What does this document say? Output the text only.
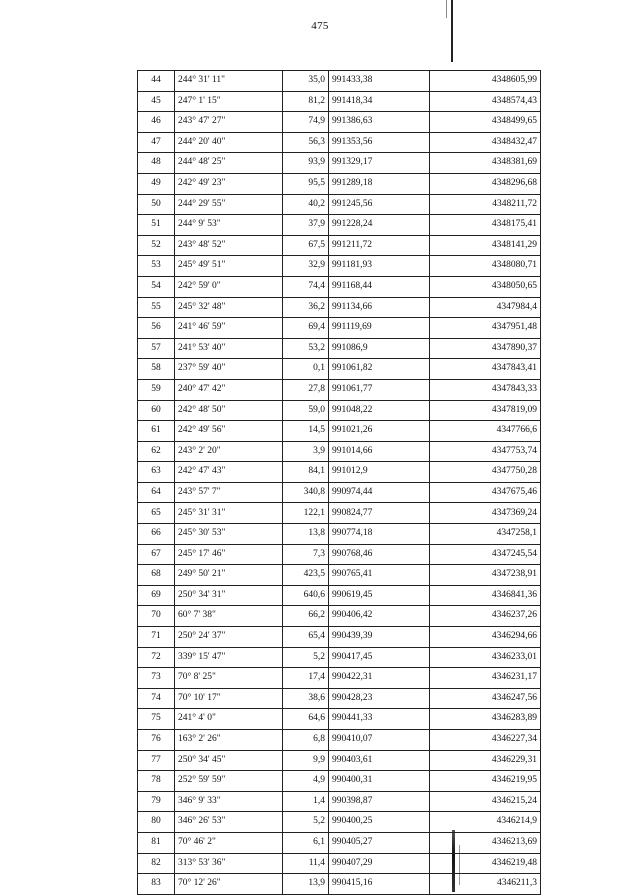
475
44	244° 31' 11"	35,0	991433,38	4348605,99
45	247° 1' 15"	81,2	991418,34	4348574,43
46	243° 47' 27"	74,9	991386,63	4348499,65
47	244° 20' 40"	56,3	991353,56	4348432,47
48	244° 48' 25"	93,9	991329,17	4348381,69
49	242° 49' 23"	95,5	991289,18	4348296,68
50	244° 29' 55"	40,2	991245,56	4348211,72
51	244° 9' 53"	37,9	991228,24	4348175,41
52	243° 48' 52"	67,5	991211,72	4348141,29
53	245° 49' 51"	32,9	991181,93	4348080,71
54	242° 59' 0"	74,4	991168,44	4348050,65
55	245° 32' 48"	36,2	991134,66	4347984,4
56	241° 46' 59"	69,4	991119,69	4347951,48
57	241° 53' 40"	53,2	991086,9	4347890,37
58	237° 59' 40"	0,1	991061,82	4347843,41
59	240° 47' 42"	27,8	991061,77	4347843,33
60	242° 48' 50"	59,0	991048,22	4347819,09
61	242° 49' 56"	14,5	991021,26	4347766,6
62	243° 2' 20"	3,9	991014,66	4347753,74
63	242° 47' 43"	84,1	991012,9	4347750,28
64	243° 57' 7"	340,8	990974,44	4347675,46
65	245° 31' 31"	122,1	990824,77	4347369,24
66	245° 30' 53"	13,8	990774,18	4347258,1
67	245° 17' 46"	7,3	990768,46	4347245,54
68	249° 50' 21"	423,5	990765,41	4347238,91
69	250° 34' 31"	640,6	990619,45	4346841,36
70	60° 7' 38"	66,2	990406,42	4346237,26
71	250° 24' 37"	65,4	990439,39	4346294,66
72	339° 15' 47"	5,2	990417,45	4346233,01
73	70° 8' 25"	17,4	990422,31	4346231,17
74	70° 10' 17"	38,6	990428,23	4346247,56
75	241° 4' 0"	64,6	990441,33	4346283,89
76	163° 2' 26"	6,8	990410,07	4346227,34
77	250° 34' 45"	9,9	990403,61	4346229,31
78	252° 59' 59"	4,9	990400,31	4346219,95
79	346° 9' 33"	1,4	990398,87	4346215,24
80	346° 26' 53"	5,2	990400,25	4346214,9
81	70° 46' 2"	6,1	990405,27	4346213,69
82	313° 53' 36"	11,4	990407,29	4346219,48
83	70° 12' 26"	13,9	990415,16	4346211,3
